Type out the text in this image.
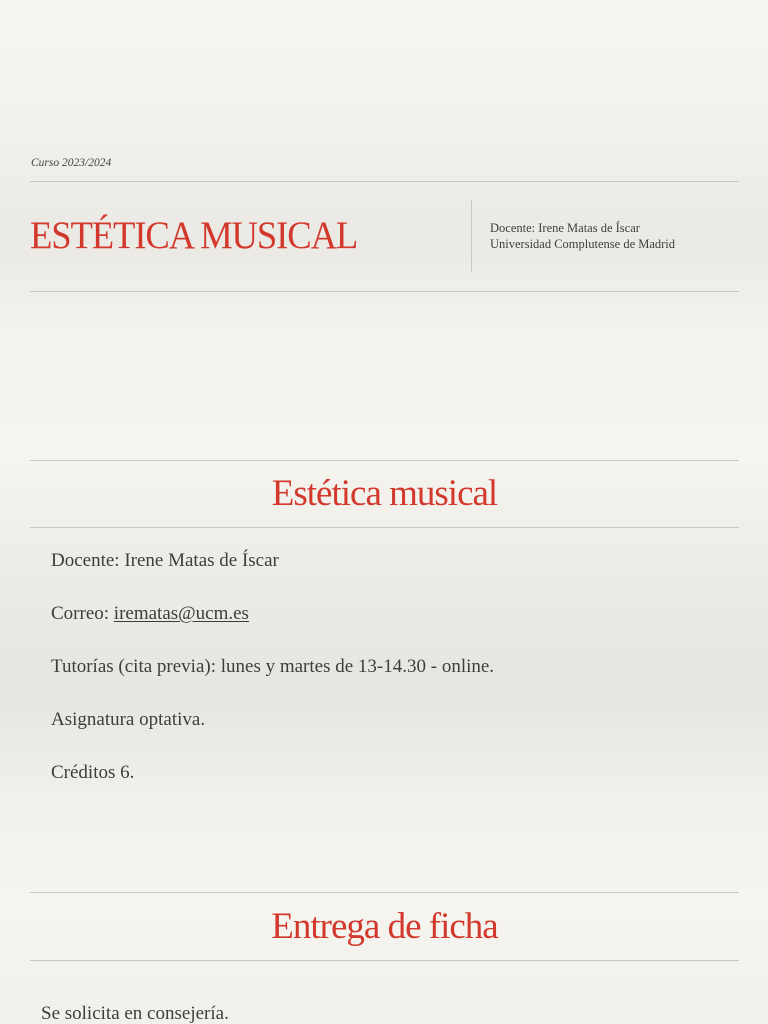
Curso 2023/2024
ESTÉTICA MUSICAL	Docente: Irene Matas de Íscar
Universidad Complutense de Madrid
Estética musical
Docente: Irene Matas de Íscar
Correo: irematas@ucm.es
Tutorías (cita previa): lunes y martes de 13-14.30 - online.
Asignatura optativa.
Créditos 6.
Entrega de ficha
Se solicita en consejería.
